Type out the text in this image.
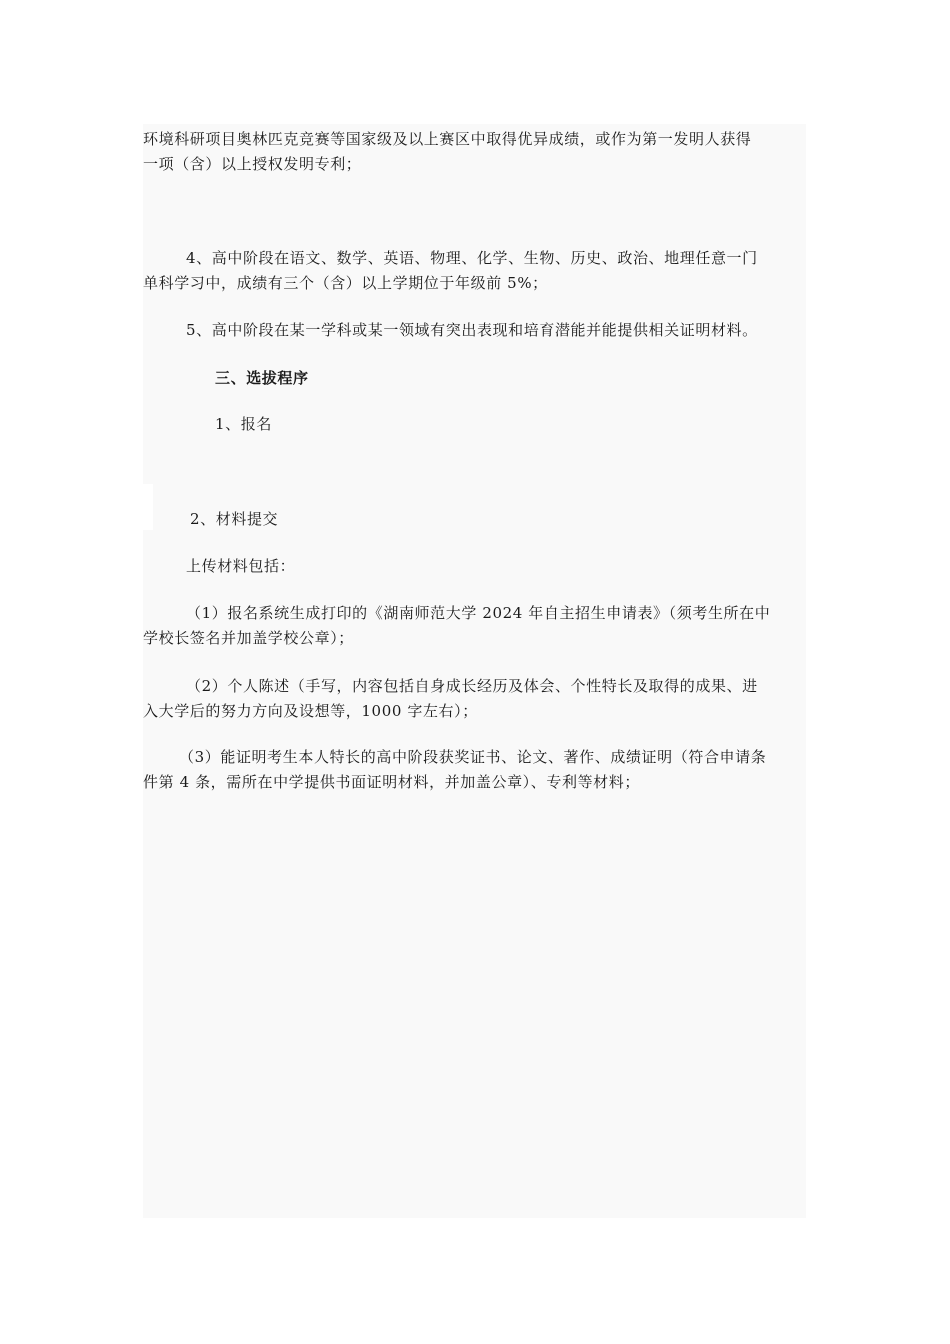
环境科研项目奥林匹克竞赛等国家级及以上赛区中取得优异成绩，或作为第一发明人获得
一项（含）以上授权发明专利；
4、高中阶段在语文、数学、英语、物理、化学、生物、历史、政治、地理任意一门
单科学习中，成绩有三个（含）以上学期位于年级前 5%；
5、高中阶段在某一学科或某一领域有突出表现和培育潜能并能提供相关证明材料。
三、选拔程序
1、报名
2、材料提交
上传材料包括：
（1）报名系统生成打印的《湖南师范大学 2024 年自主招生申请表》（须考生所在中
学校长签名并加盖学校公章）；
（2）个人陈述（手写，内容包括自身成长经历及体会、个性特长及取得的成果、进
入大学后的努力方向及设想等，1000 字左右）；
（3）能证明考生本人特长的高中阶段获奖证书、论文、著作、成绩证明（符合申请条
件第 4 条，需所在中学提供书面证明材料，并加盖公章）、专利等材料；
